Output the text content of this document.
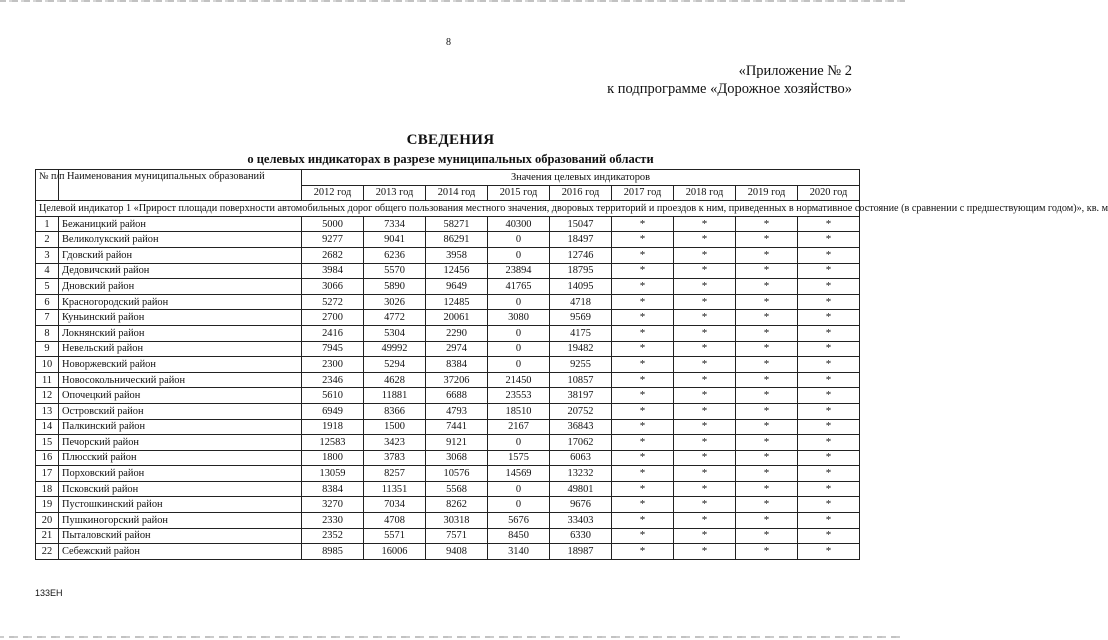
8
«Приложение № 2
к подпрограмме «Дорожное хозяйство»
СВЕДЕНИЯ
о целевых индикаторах в разрезе муниципальных образований области
№ п/п	Наименования муниципальных образований	Значения целевых индикаторов								
		2012 год	2013 год	2014 год	2015 год	2016 год	2017 год	2018 год	2019 год	2020 год
Целевой индикатор 1 «Прирост площади поверхности автомобильных дорог общего пользования местного значения, дворовых территорий и проездов к ним, приведенных в нормативное состояние (в сравнении с предшествующим годом)», кв. м										
1	Бежаницкий район	5000	7334	58271	40300	15047	*	*	*	*
2	Великолукский район	9277	9041	86291	0	18497	*	*	*	*
3	Гдовский район	2682	6236	3958	0	12746	*	*	*	*
4	Дедовичский район	3984	5570	12456	23894	18795	*	*	*	*
5	Дновский район	3066	5890	9649	41765	14095	*	*	*	*
6	Красногородский район	5272	3026	12485	0	4718	*	*	*	*
7	Куньинский район	2700	4772	20061	3080	9569	*	*	*	*
8	Локнянский район	2416	5304	2290	0	4175	*	*	*	*
9	Невельский район	7945	49992	2974	0	19482	*	*	*	*
10	Новоржевский район	2300	5294	8384	0	9255	*	*	*	*
11	Новосокольнический район	2346	4628	37206	21450	10857	*	*	*	*
12	Опочецкий район	5610	11881	6688	23553	38197	*	*	*	*
13	Островский район	6949	8366	4793	18510	20752	*	*	*	*
14	Палкинский район	1918	1500	7441	2167	36843	*	*	*	*
15	Печорский район	12583	3423	9121	0	17062	*	*	*	*
16	Плюсский район	1800	3783	3068	1575	6063	*	*	*	*
17	Порховский район	13059	8257	10576	14569	13232	*	*	*	*
18	Псковский район	8384	11351	5568	0	49801	*	*	*	*
19	Пустошкинский район	3270	7034	8262	0	9676	*	*	*	*
20	Пушкиногорский район	2330	4708	30318	5676	33403	*	*	*	*
21	Пыталовский район	2352	5571	7571	8450	6330	*	*	*	*
22	Себежский район	8985	16006	9408	3140	18987	*	*	*	*
133ЕН
